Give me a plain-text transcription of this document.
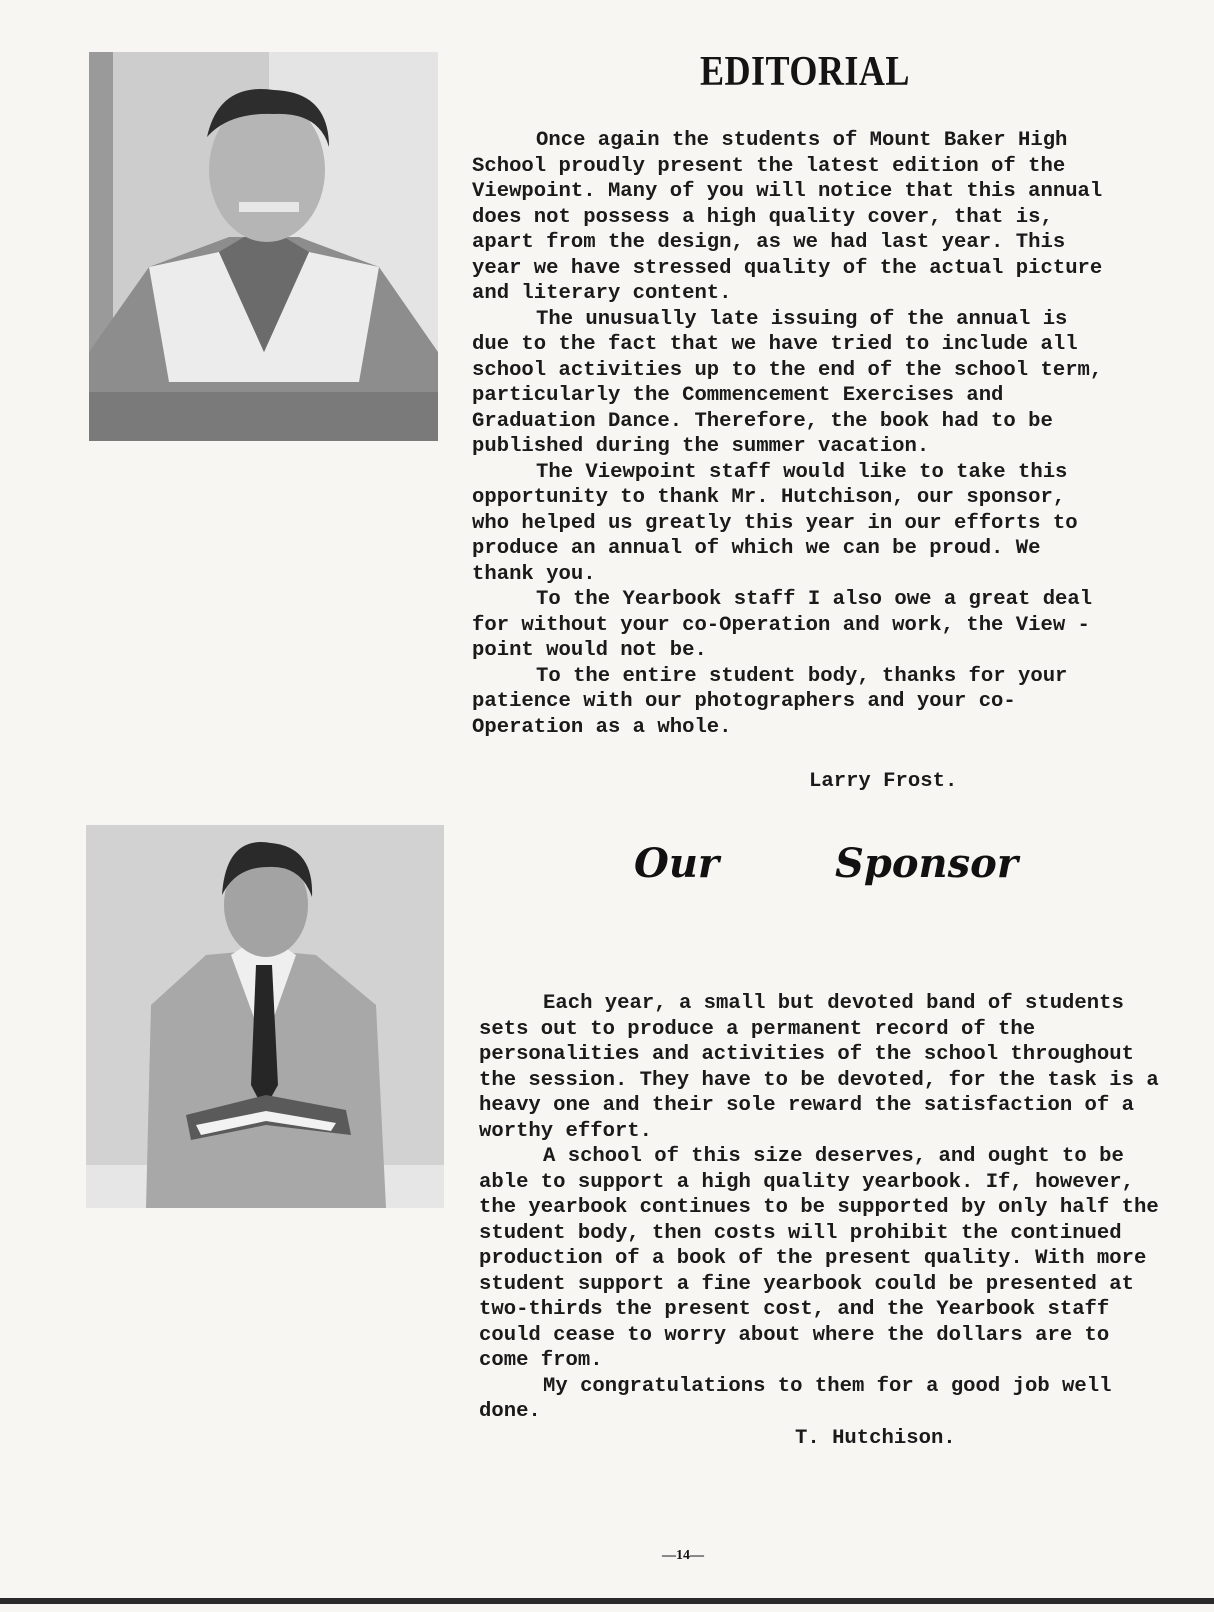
EDITORIAL

Once again the students of Mount Baker High School proudly present the latest edition of the Viewpoint. Many of you will notice that this annual does not possess a high quality cover, that is, apart from the design, as we had last year. This year we have stressed quality of the actual picture and literary content.

The unusually late issuing of the annual is due to the fact that we have tried to include all school activities up to the end of the school term, particularly the Commencement Exercises and Graduation Dance. Therefore, the book had to be published during the summer vacation.

The Viewpoint staff would like to take this opportunity to thank Mr. Hutchison, our sponsor, who helped us greatly this year in our efforts to produce an annual of which we can be proud. We thank you.

To the Yearbook staff I also owe a great deal for without your co-Operation and work, the View - point would not be.

To the entire student body, thanks for your patience with our photographers and your co-Operation as a whole.

Larry Frost.
Our	Sponsor

Each year, a small but devoted band of students sets out to produce a permanent record of the personalities and activities of the school throughout the session. They have to be devoted, for the task is a heavy one and their sole reward the satisfaction of a worthy effort.

A school of this size deserves, and ought to be able to support a high quality yearbook. If, however, the yearbook continues to be supported by only half the student body, then costs will prohibit the continued production of a book of the present quality. With more student support a fine yearbook could be presented at two-thirds the present cost, and the Yearbook staff could cease to worry about where the dollars are to come from.

My congratulations to them for a good job well done.

T. Hutchison.
—14—
